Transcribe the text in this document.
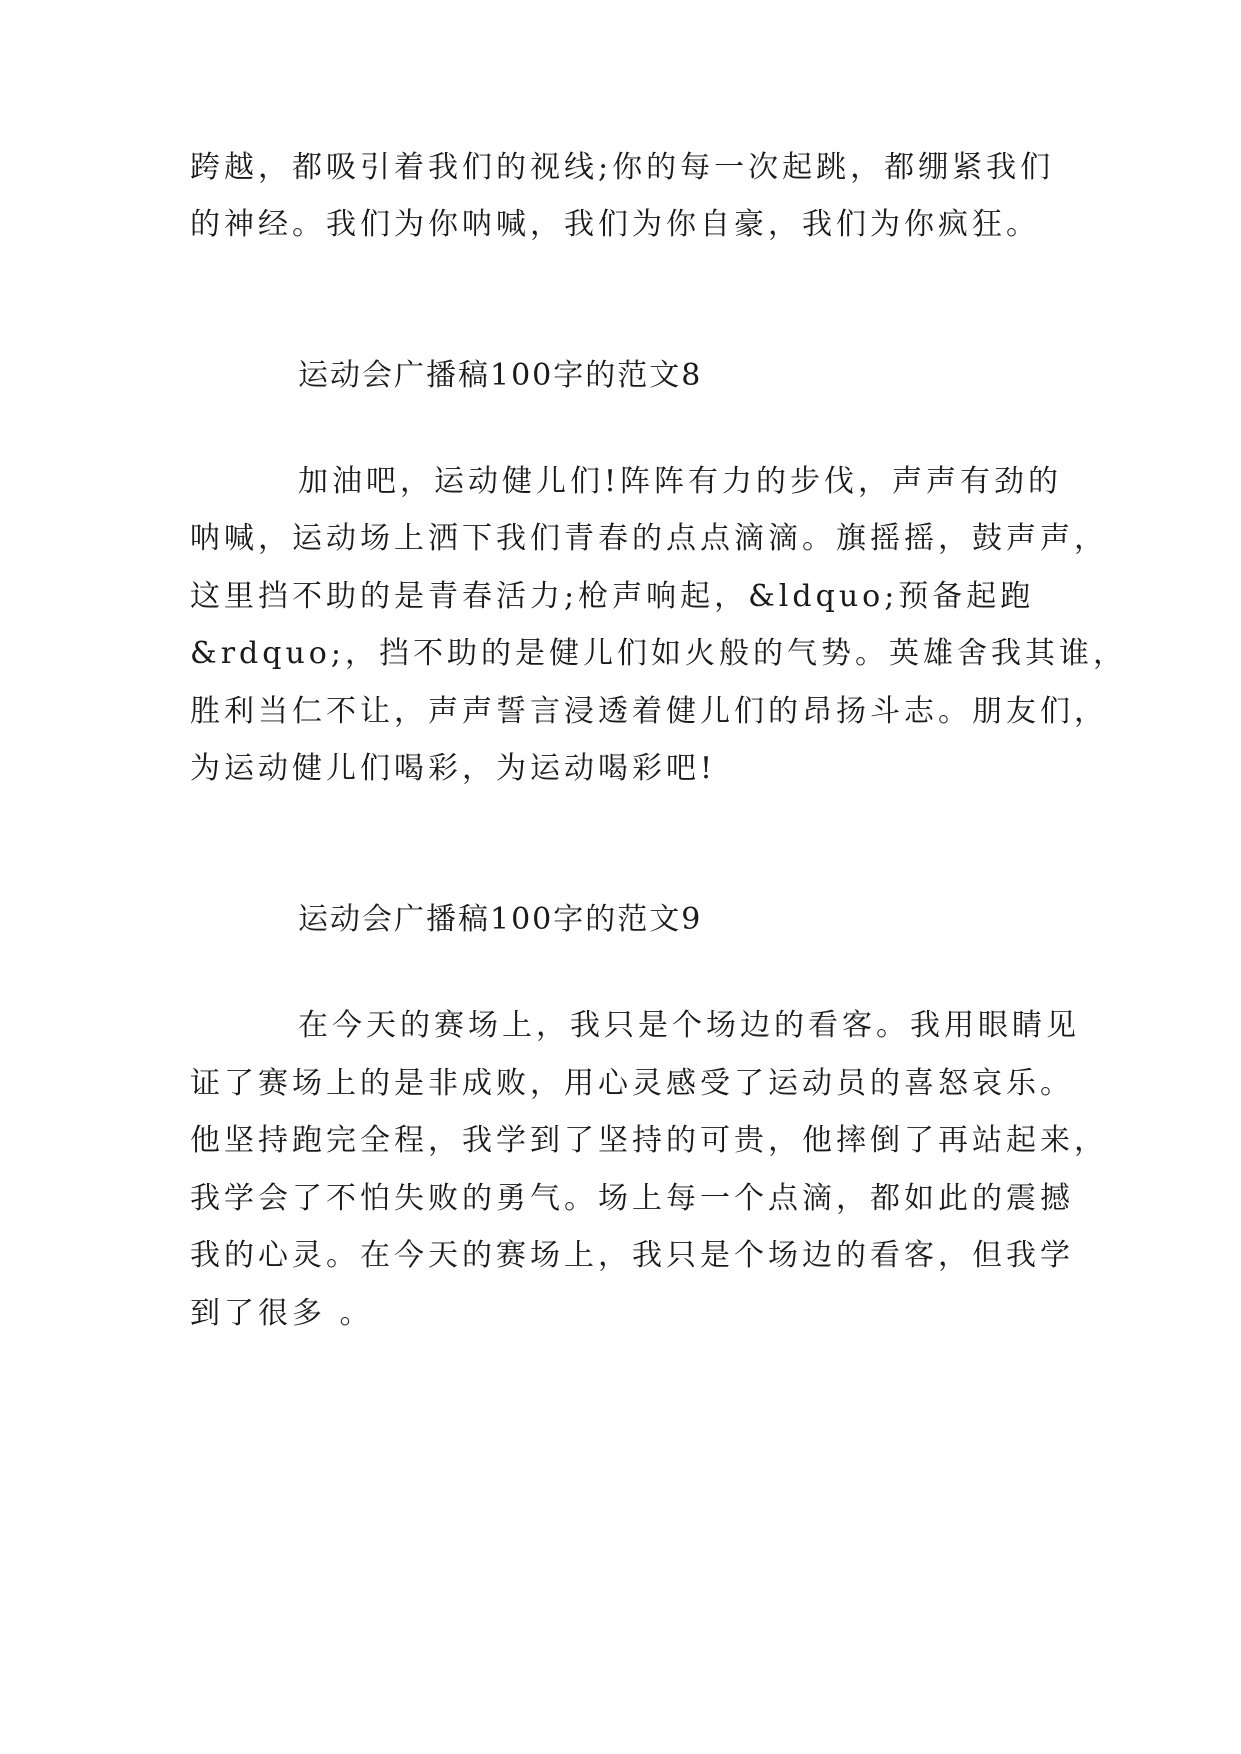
跨越，都吸引着我们的视线;你的每一次起跳，都绷紧我们
的神经。我们为你呐喊，我们为你自豪，我们为你疯狂。
运动会广播稿100字的范文8
加油吧，运动健儿们!阵阵有力的步伐，声声有劲的
呐喊，运动场上洒下我们青春的点点滴滴。旗摇摇，鼓声声，
这里挡不助的是青春活力;枪声响起，&ldquo;预备起跑
&rdquo;，挡不助的是健儿们如火般的气势。英雄舍我其谁，
胜利当仁不让，声声誓言浸透着健儿们的昂扬斗志。朋友们，
为运动健儿们喝彩，为运动喝彩吧!
运动会广播稿100字的范文9
在今天的赛场上，我只是个场边的看客。我用眼睛见
证了赛场上的是非成败，用心灵感受了运动员的喜怒哀乐。
他坚持跑完全程，我学到了坚持的可贵，他摔倒了再站起来，
我学会了不怕失败的勇气。场上每一个点滴，都如此的震撼
我的心灵。在今天的赛场上，我只是个场边的看客，但我学
到了很多 。
